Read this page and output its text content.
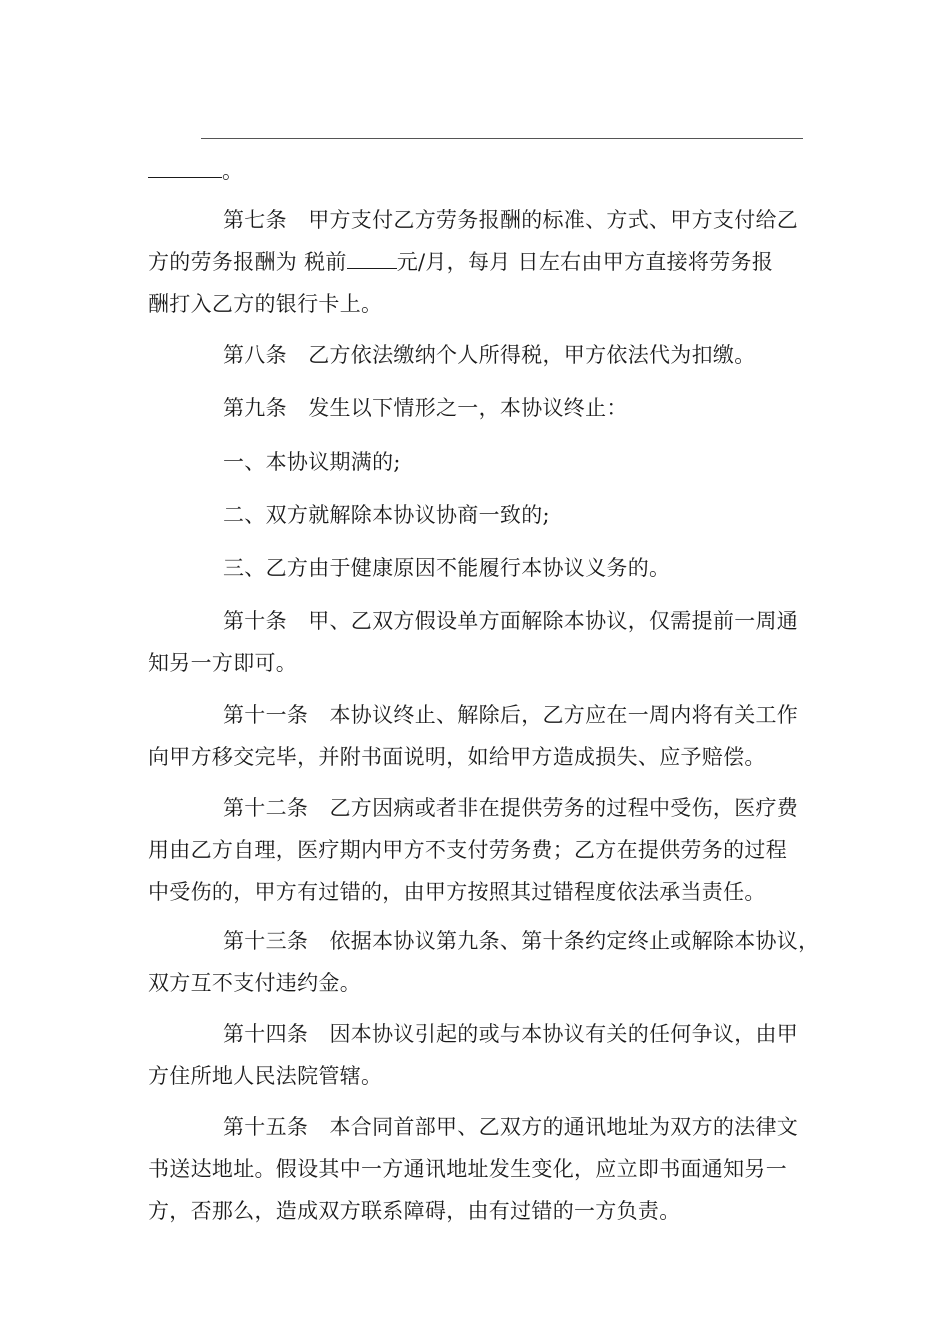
。

第七条　甲方支付乙方劳务报酬的标准、方式、甲方支付给乙
方的劳务报酬为 税前 元/月，每月 日左右由甲方直接将劳务报
酬打入乙方的银行卡上。

第八条　乙方依法缴纳个人所得税，甲方依法代为扣缴。

第九条　发生以下情形之一，本协议终止：

一、本协议期满的;

二、双方就解除本协议协商一致的;

三、乙方由于健康原因不能履行本协议义务的。

第十条　甲、乙双方假设单方面解除本协议，仅需提前一周通
知另一方即可。

第十一条　本协议终止、解除后，乙方应在一周内将有关工作
向甲方移交完毕，并附书面说明，如给甲方造成损失、应予赔偿。

第十二条　乙方因病或者非在提供劳务的过程中受伤，医疗费
用由乙方自理，医疗期内甲方不支付劳务费；乙方在提供劳务的过程
中受伤的，甲方有过错的，由甲方按照其过错程度依法承当责任。

第十三条　依据本协议第九条、第十条约定终止或解除本协议，
双方互不支付违约金。

第十四条　因本协议引起的或与本协议有关的任何争议，由甲
方住所地人民法院管辖。

第十五条　本合同首部甲、乙双方的通讯地址为双方的法律文
书送达地址。假设其中一方通讯地址发生变化，应立即书面通知另一
方，否那么，造成双方联系障碍，由有过错的一方负责。
